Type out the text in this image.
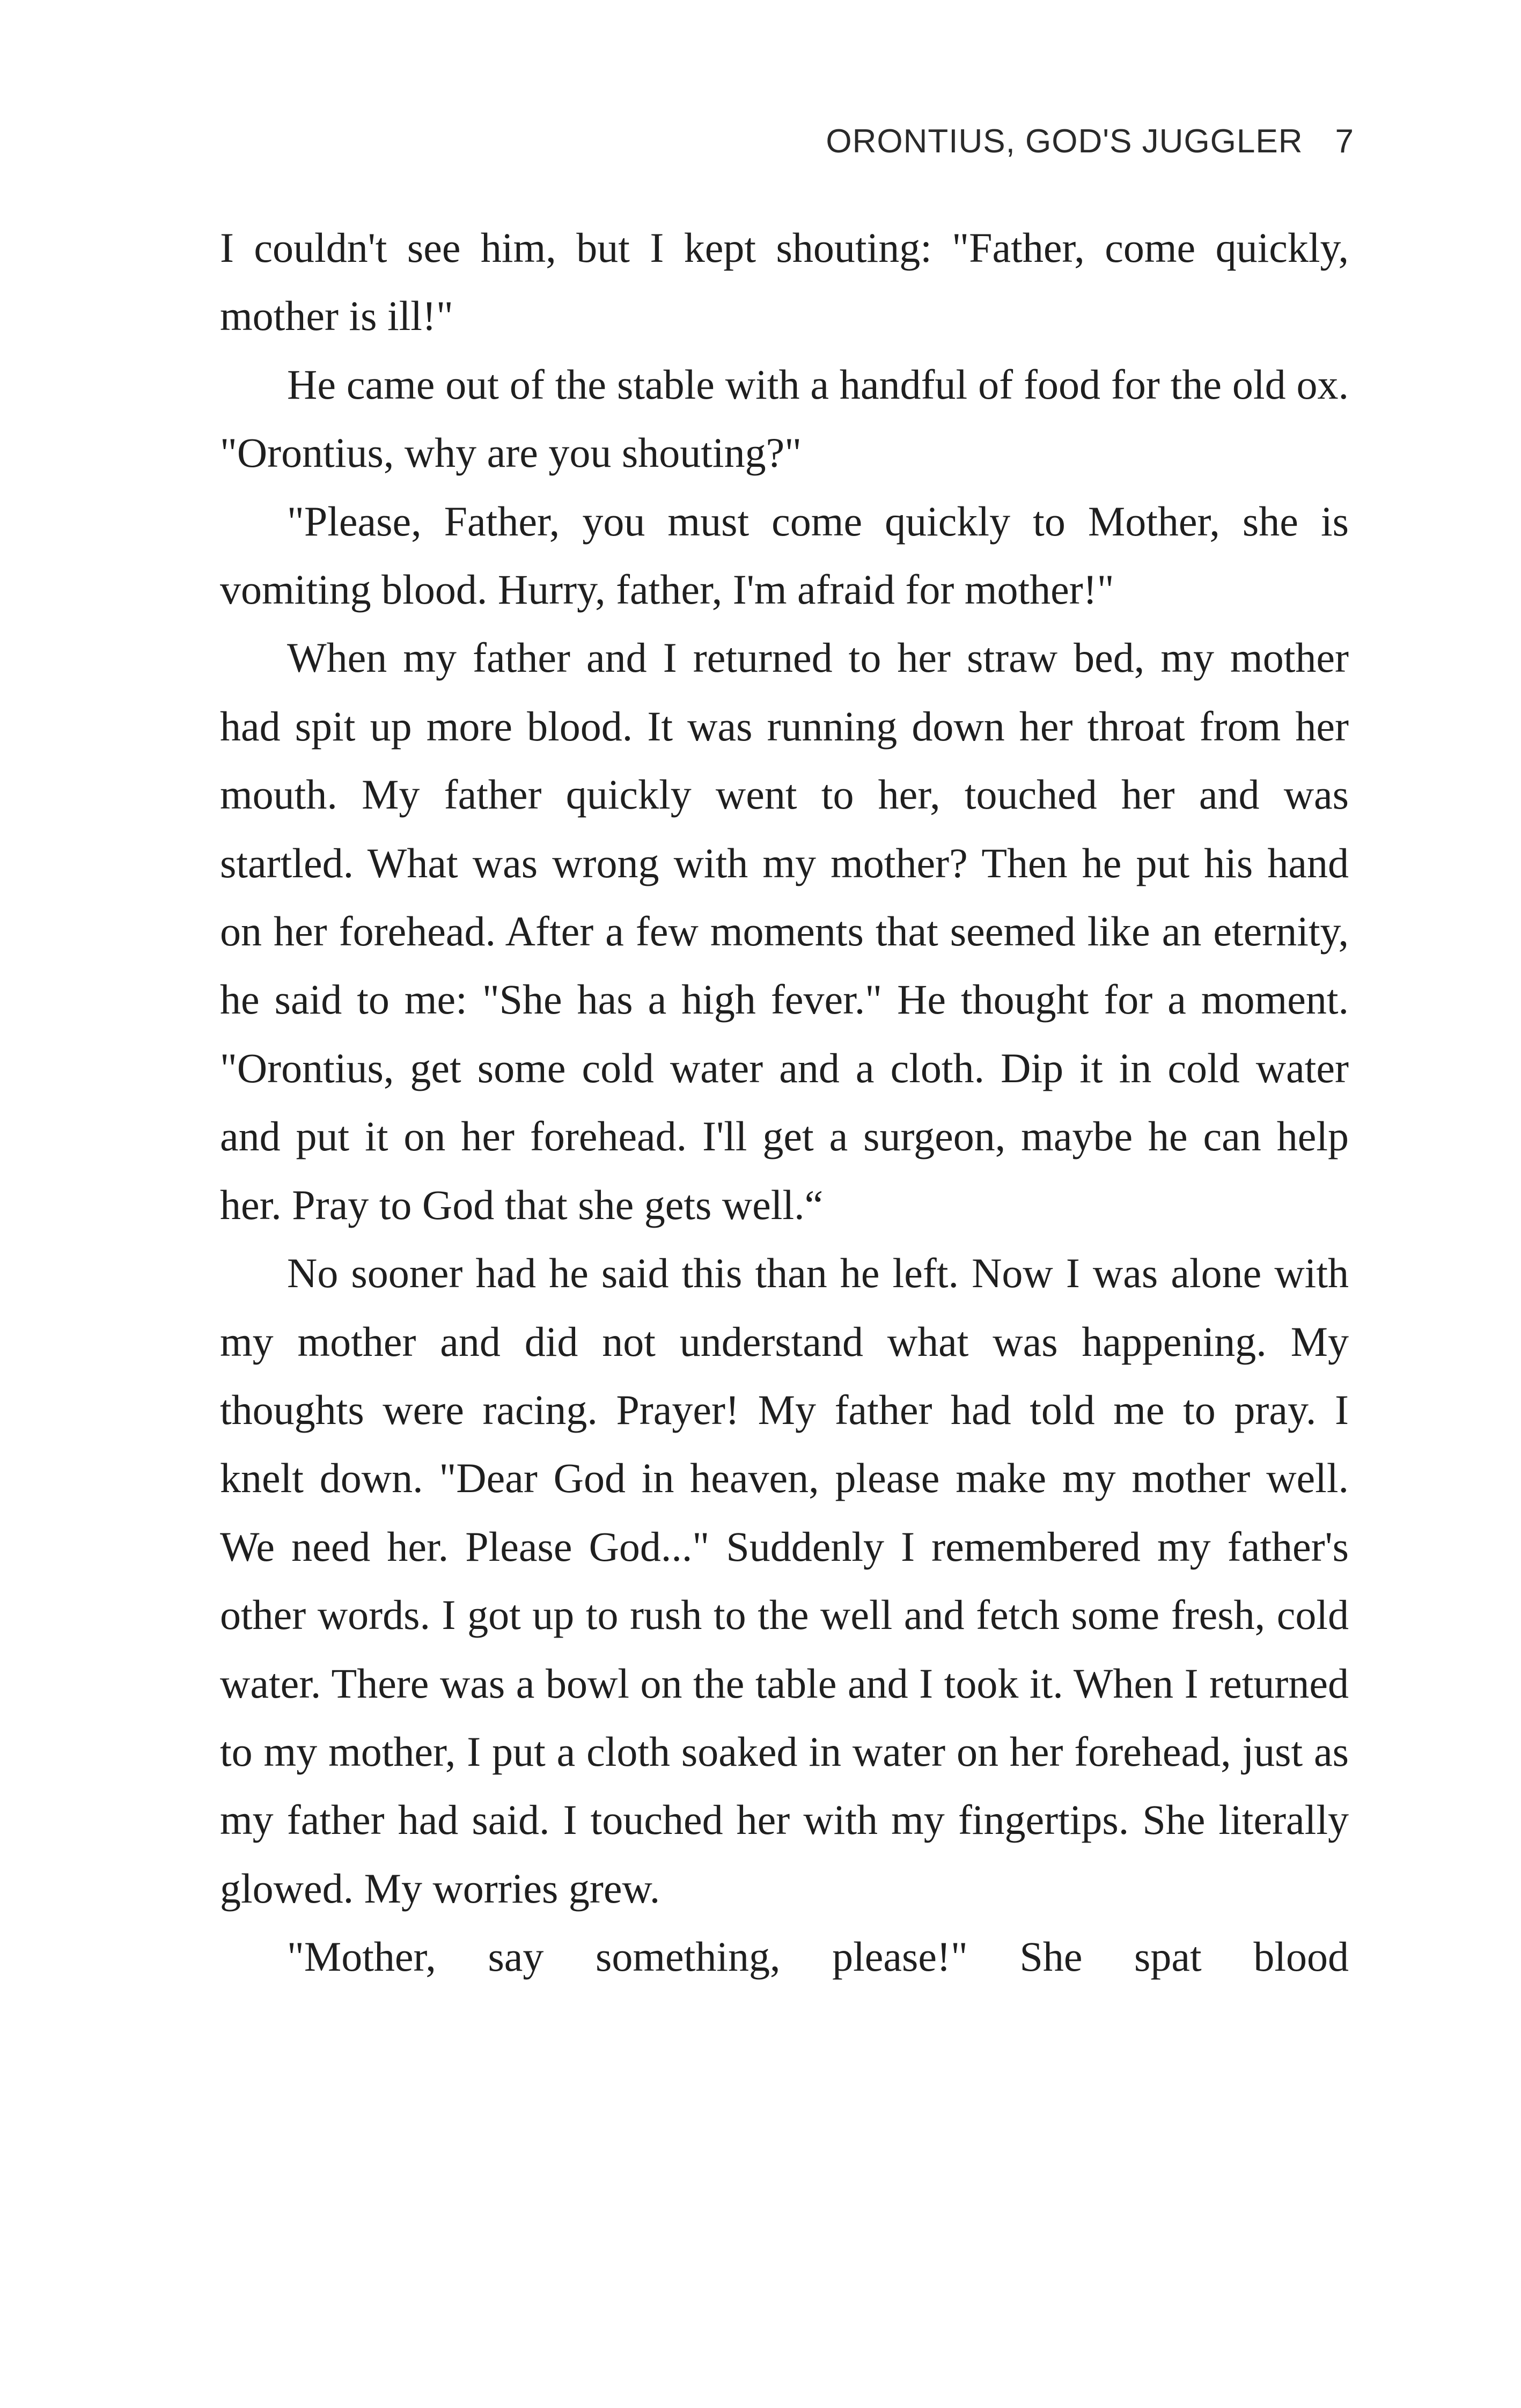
ORONTIUS, GOD'S JUGGLER 7

I couldn't see him, but I kept shouting: "Father, come quickly, mother is ill!"

He came out of the stable with a handful of food for the old ox. "Orontius, why are you shouting?"

"Please, Father, you must come quickly to Mother, she is vomiting blood. Hurry, father, I'm afraid for mother!"

When my father and I returned to her straw bed, my mother had spit up more blood. It was running down her throat from her mouth. My father quickly went to her, touched her and was startled. What was wrong with my mother? Then he put his hand on her forehead. After a few moments that seemed like an eternity, he said to me: "She has a high fever." He thought for a moment. "Orontius, get some cold water and a cloth. Dip it in cold water and put it on her forehead. I'll get a surgeon, maybe he can help her. Pray to God that she gets well.“

No sooner had he said this than he left. Now I was alone with my mother and did not understand what was happening. My thoughts were racing. Prayer! My father had told me to pray. I knelt down. "Dear God in heaven, please make my mother well. We need her. Please God..." Suddenly I remembered my father's other words. I got up to rush to the well and fetch some fresh, cold water. There was a bowl on the table and I took it. When I returned to my mother, I put a cloth soaked in water on her forehead, just as my father had said. I touched her with my fingertips. She literally glowed. My worries grew.

"Mother, say something, please!" She spat blood
